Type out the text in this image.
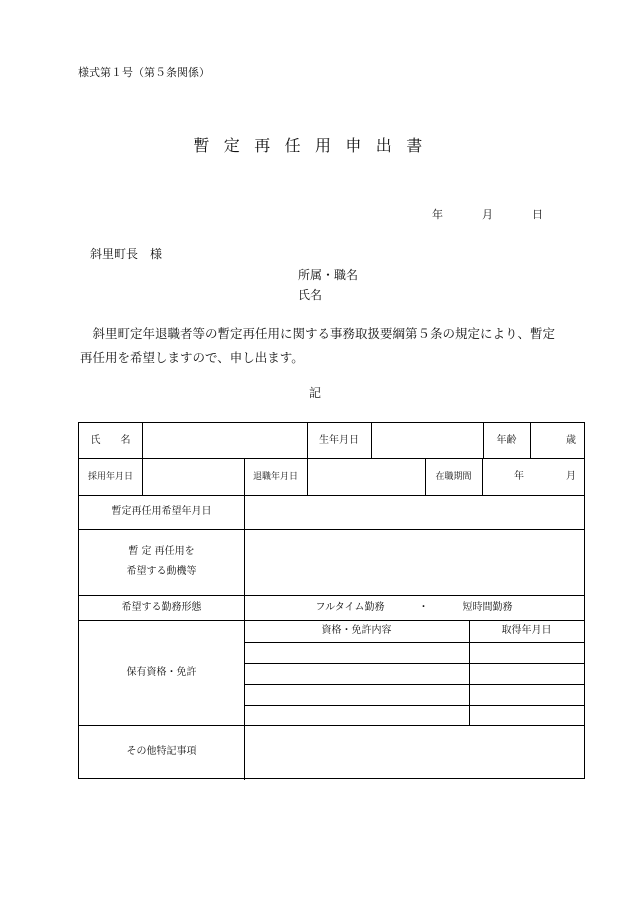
様式第１号（第５条関係）
暫定再任用申出書
年	月	日
斜里町長　様
所属・職名
氏名
斜里町定年退職者等の暫定再任用に関する事務取扱要綱第５条の規定により、暫定再任用を希望しますので、申し出ます。
記
氏　　名	生年月日	年齢	歳
採用年月日	退職年月日	在職期間	年	月
暫定再任用希望年月日
暫 定 再任用を
希望する動機等
希望する勤務形態	フルタイム勤務	・	短時間勤務
保有資格・免許
資格・免許内容	取得年月日
その他特記事項
